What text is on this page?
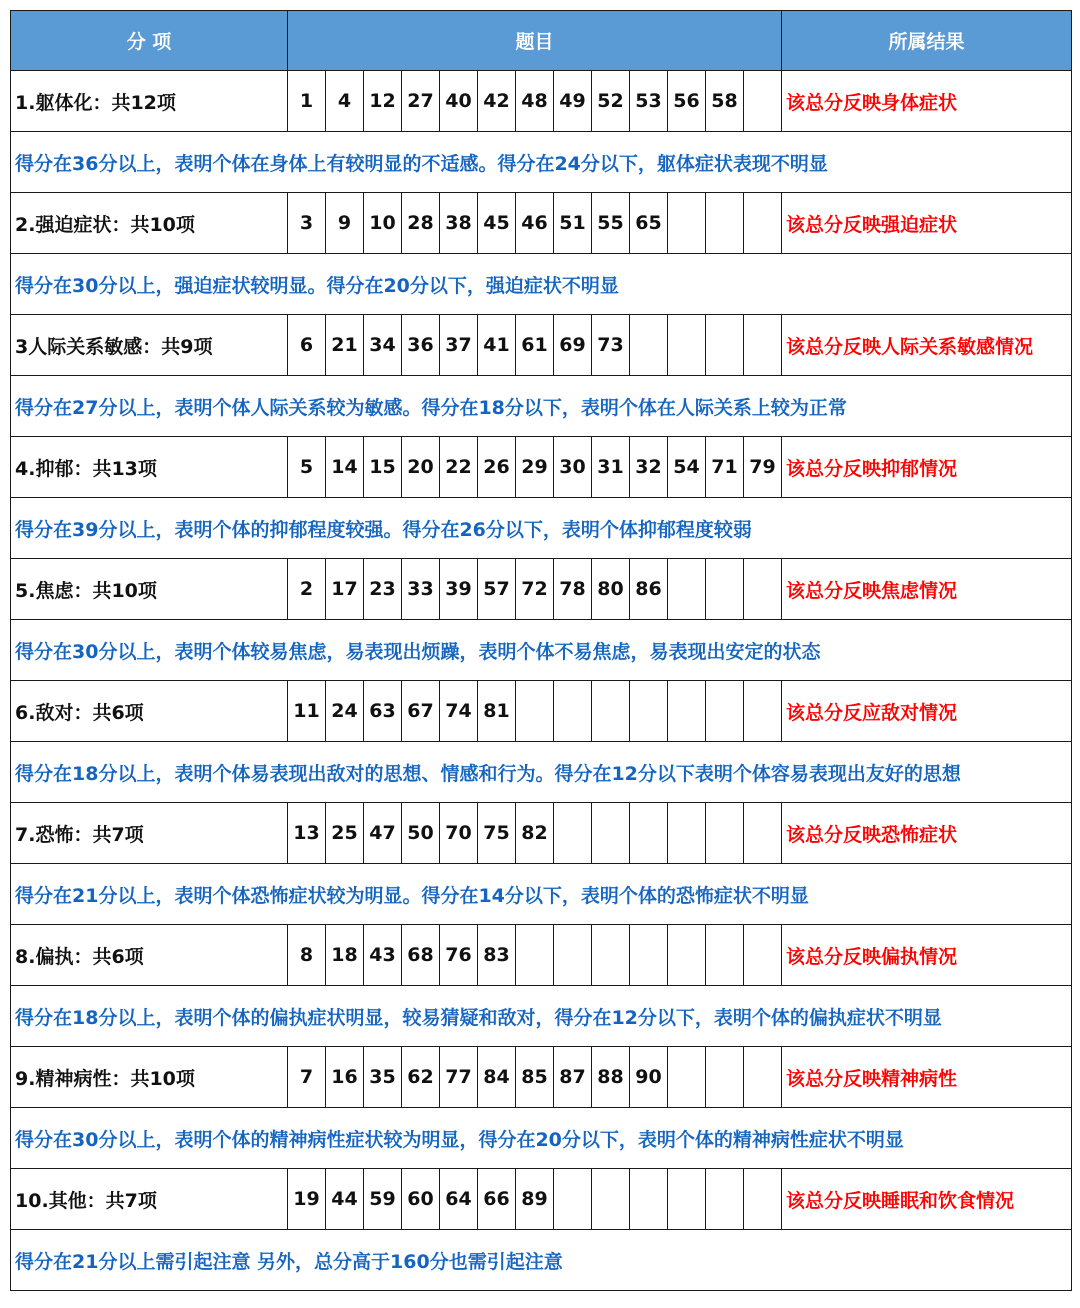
分 项	题目													所属结果
1.躯体化：共12项	1	4	12	27	40	42	48	49	52	53	56	58		该总分反映身体症状
得分在36分以上，表明个体在身体上有较明显的不适感。得分在24分以下，躯体症状表现不明显														
2.强迫症状：共10项	3	9	10	28	38	45	46	51	55	65				该总分反映强迫症状
得分在30分以上，强迫症状较明显。得分在20分以下，强迫症状不明显														
3人际关系敏感：共9项	6	21	34	36	37	41	61	69	73					该总分反映人际关系敏感情况
得分在27分以上，表明个体人际关系较为敏感。得分在18分以下，表明个体在人际关系上较为正常														
4.抑郁：共13项	5	14	15	20	22	26	29	30	31	32	54	71	79	该总分反映抑郁情况
得分在39分以上，表明个体的抑郁程度较强。得分在26分以下，表明个体抑郁程度较弱														
5.焦虑：共10项	2	17	23	33	39	57	72	78	80	86				该总分反映焦虑情况
得分在30分以上，表明个体较易焦虑，易表现出烦躁，表明个体不易焦虑，易表现出安定的状态														
6.敌对：共6项	11	24	63	67	74	81								该总分反应敌对情况
得分在18分以上，表明个体易表现出敌对的思想、情感和行为。得分在12分以下表明个体容易表现出友好的思想														
7.恐怖：共7项	13	25	47	50	70	75	82							该总分反映恐怖症状
得分在21分以上，表明个体恐怖症状较为明显。得分在14分以下，表明个体的恐怖症状不明显														
8.偏执：共6项	8	18	43	68	76	83								该总分反映偏执情况
得分在18分以上，表明个体的偏执症状明显，较易猜疑和敌对，得分在12分以下，表明个体的偏执症状不明显														
9.精神病性：共10项	7	16	35	62	77	84	85	87	88	90				该总分反映精神病性
得分在30分以上，表明个体的精神病性症状较为明显，得分在20分以下，表明个体的精神病性症状不明显														
10.其他：共7项	19	44	59	60	64	66	89							该总分反映睡眠和饮食情况
得分在21分以上需引起注意 另外，总分高于160分也需引起注意														
